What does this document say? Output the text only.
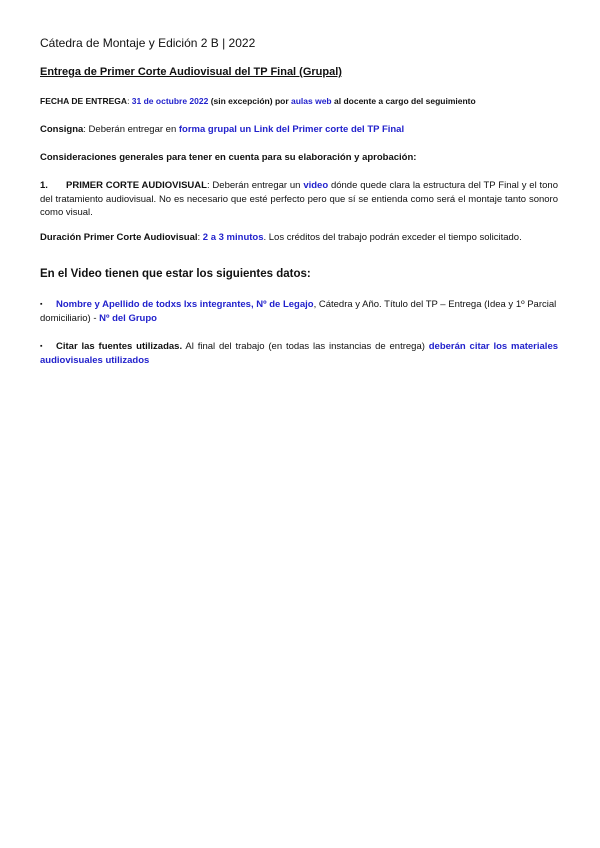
Cátedra de Montaje y Edición 2 B | 2022
Entrega de Primer Corte Audiovisual del TP Final (Grupal)
FECHA DE ENTREGA: 31 de octubre 2022 (sin excepción) por aulas web al docente a cargo del seguimiento
Consigna: Deberán entregar en forma grupal un Link del Primer corte del TP Final
Consideraciones generales para tener en cuenta para su elaboración y aprobación:
1. PRIMER CORTE AUDIOVISUAL: Deberán entregar un video dónde quede clara la estructura del TP Final y el tono del tratamiento audiovisual. No es necesario que esté perfecto pero que sí se entienda como será el montaje tanto sonoro como visual.
Duración Primer Corte Audiovisual: 2 a 3 minutos. Los créditos del trabajo podrán exceder el tiempo solicitado.
En el Video tienen que estar los siguientes datos:
▪ Nombre y Apellido de todxs lxs integrantes, Nº de Legajo, Cátedra y Año. Título del TP – Entrega (Idea y 1º Parcial domiciliario) - Nº del Grupo
▪ Citar las fuentes utilizadas. Al final del trabajo (en todas las instancias de entrega) deberán citar los materiales audiovisuales utilizados
